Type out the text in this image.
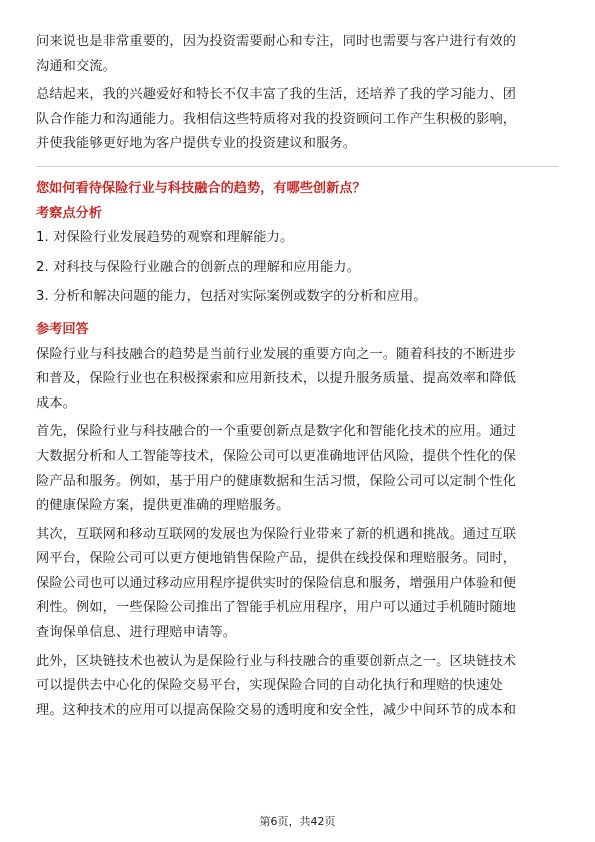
问来说也是非常重要的，因为投资需要耐心和专注，同时也需要与客户进行有效的

沟通和交流。

总结起来，我的兴趣爱好和特长不仅丰富了我的生活，还培养了我的学习能力、团

队合作能力和沟通能力。我相信这些特质将对我的投资顾问工作产生积极的影响，

并使我能够更好地为客户提供专业的投资建议和服务。

您如何看待保险行业与科技融合的趋势，有哪些创新点？
考察点分析

1. 对保险行业发展趋势的观察和理解能力。

2. 对科技与保险行业融合的创新点的理解和应用能力。

3. 分析和解决问题的能力，包括对实际案例或数字的分析和应用。

参考回答

保险行业与科技融合的趋势是当前行业发展的重要方向之一。随着科技的不断进步

和普及，保险行业也在积极探索和应用新技术，以提升服务质量、提高效率和降低

成本。

首先，保险行业与科技融合的一个重要创新点是数字化和智能化技术的应用。通过

大数据分析和人工智能等技术，保险公司可以更准确地评估风险，提供个性化的保

险产品和服务。例如，基于用户的健康数据和生活习惯，保险公司可以定制个性化

的健康保险方案，提供更准确的理赔服务。

其次，互联网和移动互联网的发展也为保险行业带来了新的机遇和挑战。通过互联

网平台，保险公司可以更方便地销售保险产品，提供在线投保和理赔服务。同时，

保险公司也可以通过移动应用程序提供实时的保险信息和服务，增强用户体验和便

利性。例如，一些保险公司推出了智能手机应用程序，用户可以通过手机随时随地

查询保单信息、进行理赔申请等。

此外，区块链技术也被认为是保险行业与科技融合的重要创新点之一。区块链技术

可以提供去中心化的保险交易平台，实现保险合同的自动化执行和理赔的快速处

理。这种技术的应用可以提高保险交易的透明度和安全性，减少中间环节的成本和

第6页，共42页
